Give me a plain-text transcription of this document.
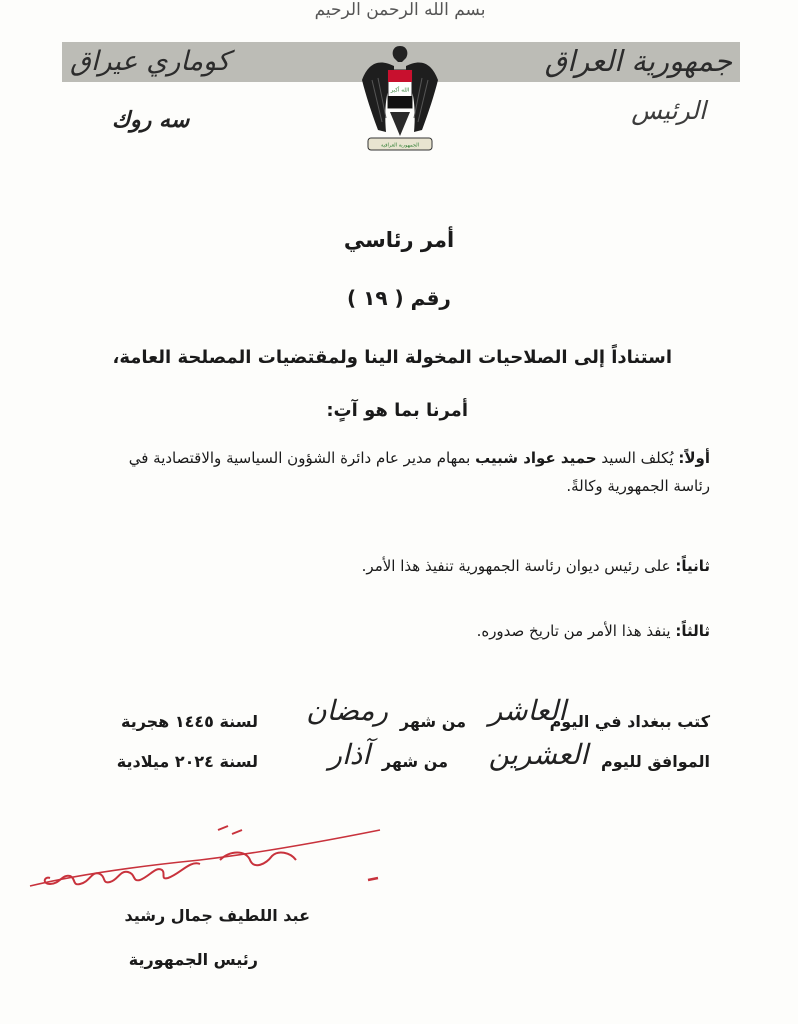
بسم الله الرحمن الرحيم
جمهورية العراق
كوماري عيراق
الرئيس
سه روك
الله أكبر
الجمهورية العراقية
أمر رئاسي
رقم ( ١٩ )
استناداً إلى الصلاحيات المخولة الينا ولمقتضيات المصلحة العامة،
أمرنا بما هو آتٍ:
أولاً: يُكلف السيد حميد عواد شبيب بمهام مدير عام دائرة الشؤون السياسية والاقتصادية في رئاسة الجمهورية وكالةً.
ثانياً: على رئيس ديوان رئاسة الجمهورية تنفيذ هذا الأمر.
ثالثاً: ينفذ هذا الأمر من تاريخ صدوره.
كتب ببغداد في اليوم
العاشر
من شهر
رمضان
لسنة ١٤٤٥ هجرية
الموافق لليوم
العشرين
من شهر
آذار
لسنة ٢٠٢٤ ميلادية
عبد اللطيف جمال رشيد
رئيس الجمهورية
